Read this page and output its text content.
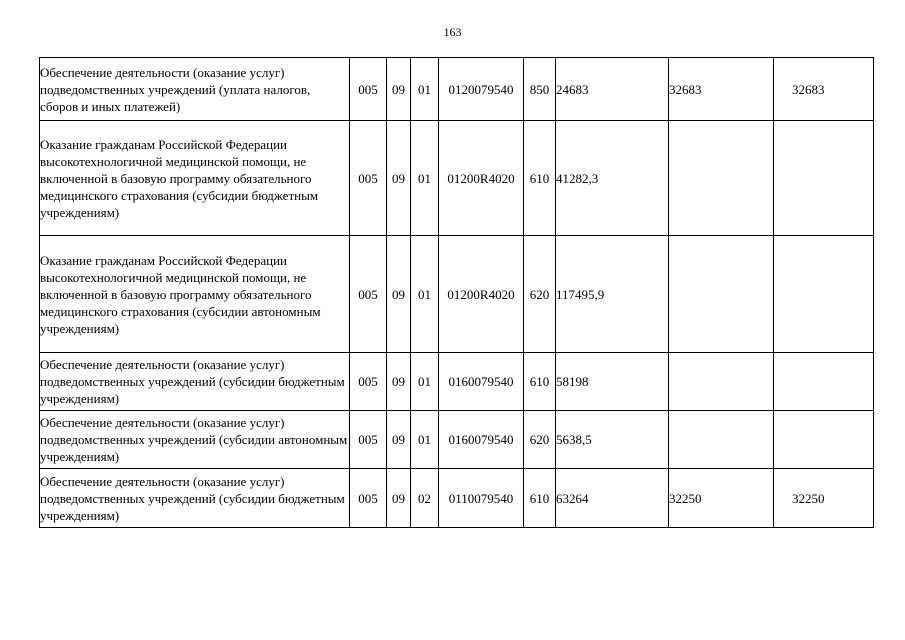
163
Обеспечение деятельности (оказание услуг) подведомственных учреждений (уплата налогов, сборов и иных платежей)	005	09	01	0120079540	850	24683	32683	32683
Оказание гражданам Российской Федерации высокотехнологичной медицинской помощи, не включенной в базовую программу обязательного медицинского страхования (субсидии бюджетным учреждениям)	005	09	01	01200R4020	610	41282,3		
Оказание гражданам Российской Федерации высокотехнологичной медицинской помощи, не включенной в базовую программу обязательного медицинского страхования (субсидии автономным учреждениям)	005	09	01	01200R4020	620	117495,9		
Обеспечение деятельности (оказание услуг) подведомственных учреждений (субсидии бюджетным учреждениям)	005	09	01	0160079540	610	58198		
Обеспечение деятельности (оказание услуг) подведомственных учреждений (субсидии автономным учреждениям)	005	09	01	0160079540	620	5638,5		
Обеспечение деятельности (оказание услуг) подведомственных учреждений (субсидии бюджетным учреждениям)	005	09	02	0110079540	610	63264	32250	32250
